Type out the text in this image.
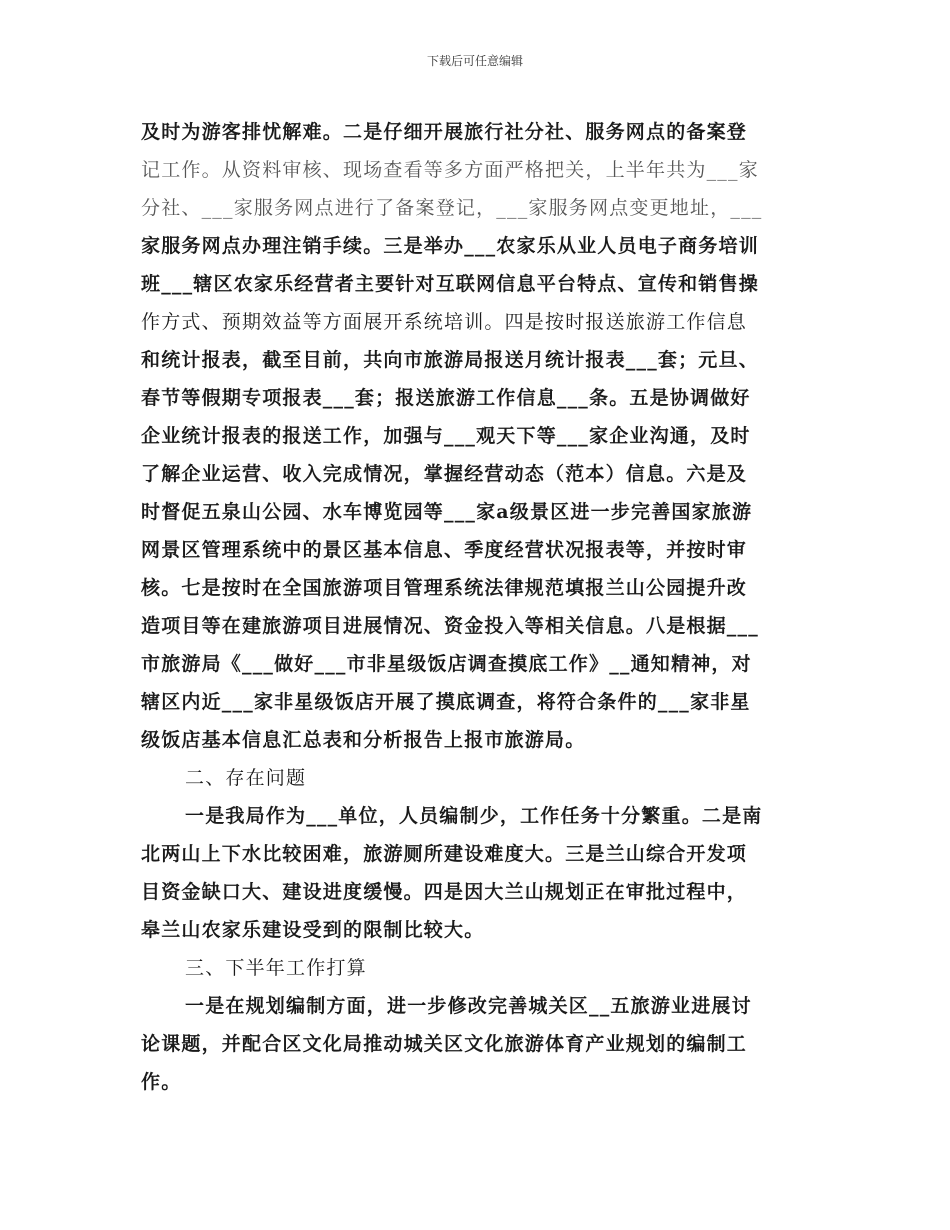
下载后可任意编辑
及时为游客排忧解难。二是仔细开展旅行社分社、服务网点的备案登
记工作。从资料审核、现场查看等多方面严格把关，上半年共为___家
分社、___家服务网点进行了备案登记，___家服务网点变更地址，___
家服务网点办理注销手续。三是举办___农家乐从业人员电子商务培训
班___辖区农家乐经营者主要针对互联网信息平台特点、宣传和销售操
作方式、预期效益等方面展开系统培训。四是按时报送旅游工作信息
和统计报表，截至目前，共向市旅游局报送月统计报表___套；元旦、
春节等假期专项报表___套；报送旅游工作信息___条。五是协调做好
企业统计报表的报送工作，加强与___观天下等___家企业沟通，及时
了解企业运营、收入完成情况，掌握经营动态（范本）信息。六是及
时督促五泉山公园、水车博览园等___家a级景区进一步完善国家旅游
网景区管理系统中的景区基本信息、季度经营状况报表等，并按时审
核。七是按时在全国旅游项目管理系统法律规范填报兰山公园提升改
造项目等在建旅游项目进展情况、资金投入等相关信息。八是根据___
市旅游局《___做好___市非星级饭店调查摸底工作》__通知精神，对
辖区内近___家非星级饭店开展了摸底调查，将符合条件的___家非星
级饭店基本信息汇总表和分析报告上报市旅游局。
二、存在问题
一是我局作为___单位，人员编制少，工作任务十分繁重。二是南
北两山上下水比较困难，旅游厕所建设难度大。三是兰山综合开发项
目资金缺口大、建设进度缓慢。四是因大兰山规划正在审批过程中，
皋兰山农家乐建设受到的限制比较大。
三、下半年工作打算
一是在规划编制方面，进一步修改完善城关区__五旅游业进展讨
论课题，并配合区文化局推动城关区文化旅游体育产业规划的编制工
作。
